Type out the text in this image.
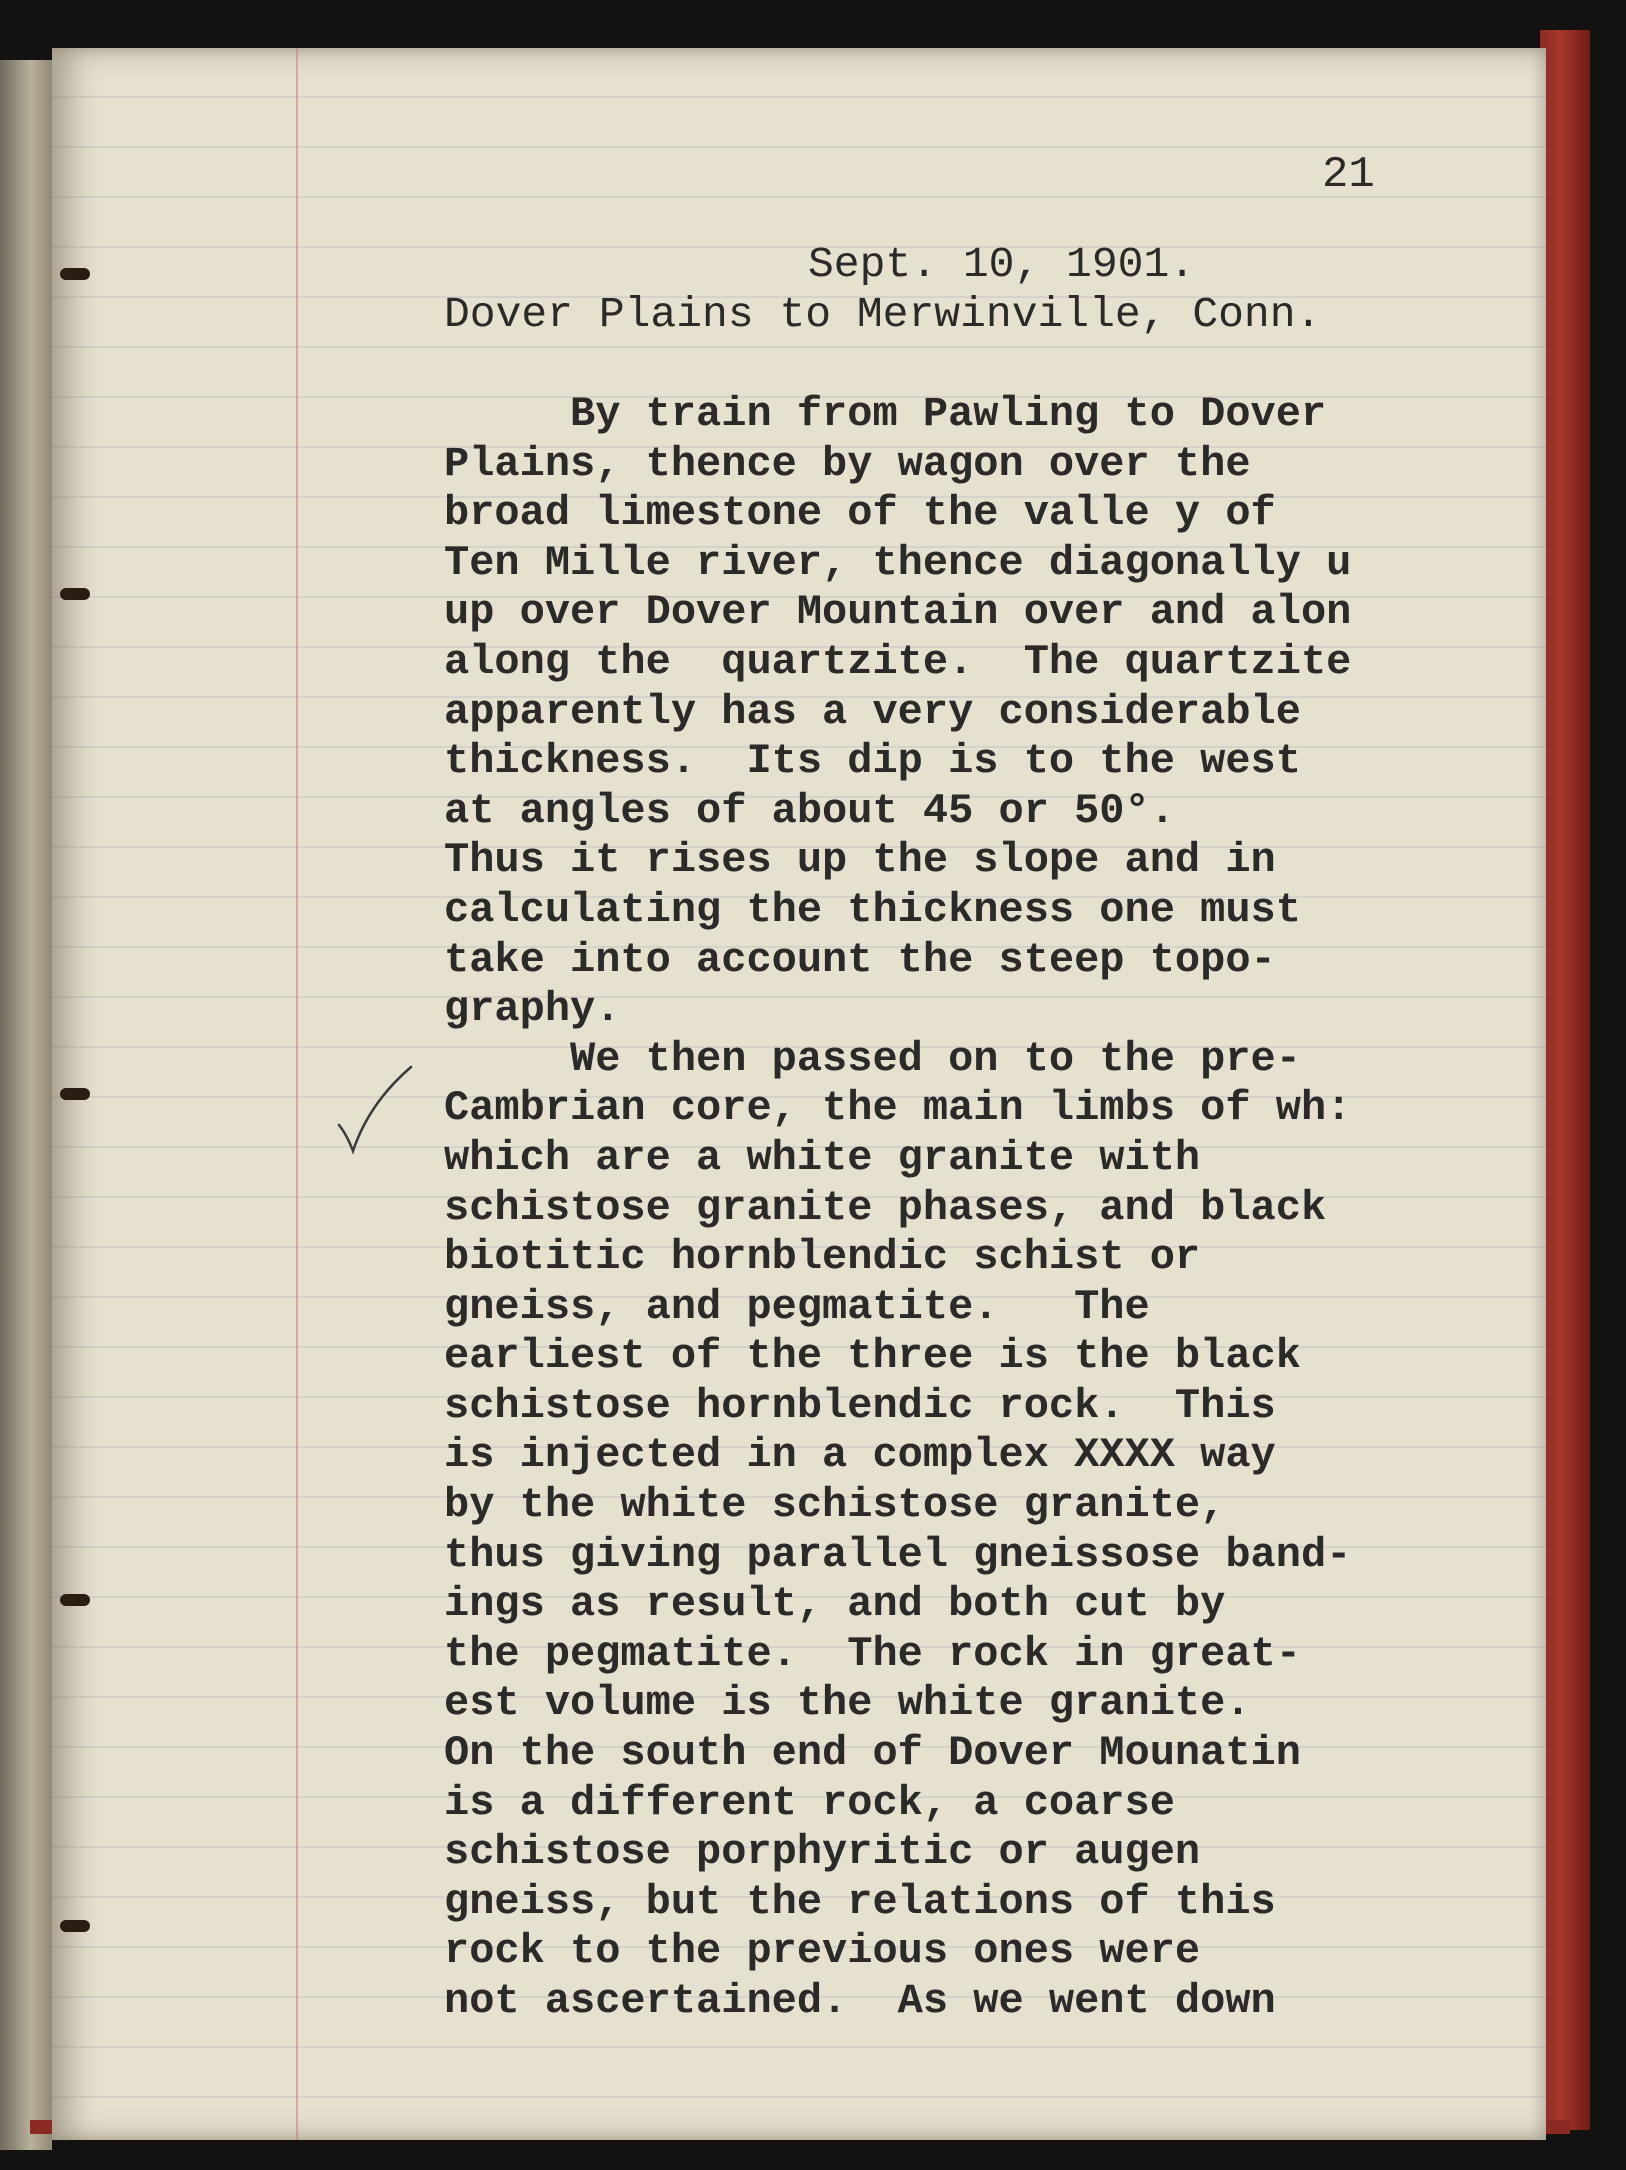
21

Sept. 10, 1901.

Dover Plains to Merwinville, Conn.

By train from Pawling to Dover
Plains, thence by wagon over the
broad limestone of the valle y of
Ten Mille river, thence diagonally u
up over Dover Mountain over and alon
along the  quartzite.  The quartzite
apparently has a very considerable
thickness.  Its dip is to the west
at angles of about 45 or 50°.
Thus it rises up the slope and in
calculating the thickness one must
take into account the steep topo-
graphy.
We then passed on to the pre-
Cambrian core, the main limbs of wh:
which are a white granite with
schistose granite phases, and black
biotitic hornblendic schist or
gneiss, and pegmatite.   The
earliest of the three is the black
schistose hornblendic rock.  This
is injected in a complex XXXX way
by the white schistose granite,
thus giving parallel gneissose band-
ings as result, and both cut by
the pegmatite.  The rock in great-
est volume is the white granite.
On the south end of Dover Mounatin
is a different rock, a coarse
schistose porphyritic or augen
gneiss, but the relations of this
rock to the previous ones were
not ascertained.  As we went down
